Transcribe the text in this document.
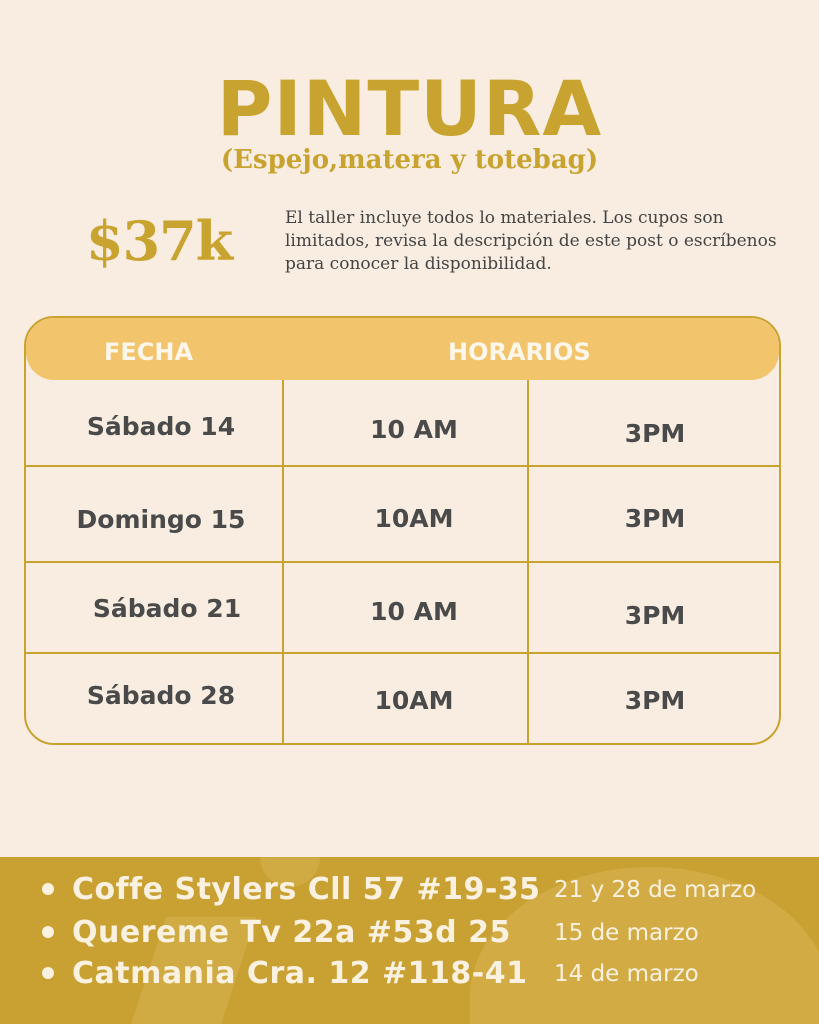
PINTURA
(Espejo,matera y totebag)
$37k	El taller incluye todos lo materiales. Los cupos son limitados, revisa la descripción de este post o escríbenos para conocer la disponibilidad.
FECHA	HORARIOS
Sábado 14	10 AM	3PM
Domingo 15	10AM	3PM
Sábado 21	10 AM	3PM
Sábado 28	10AM	3PM
Coffe Stylers Cll 57 #19-35 21 y 28 de marzo
Quereme Tv 22a #53d 25 15 de marzo
Catmania Cra. 12 #118-41 14 de marzo
